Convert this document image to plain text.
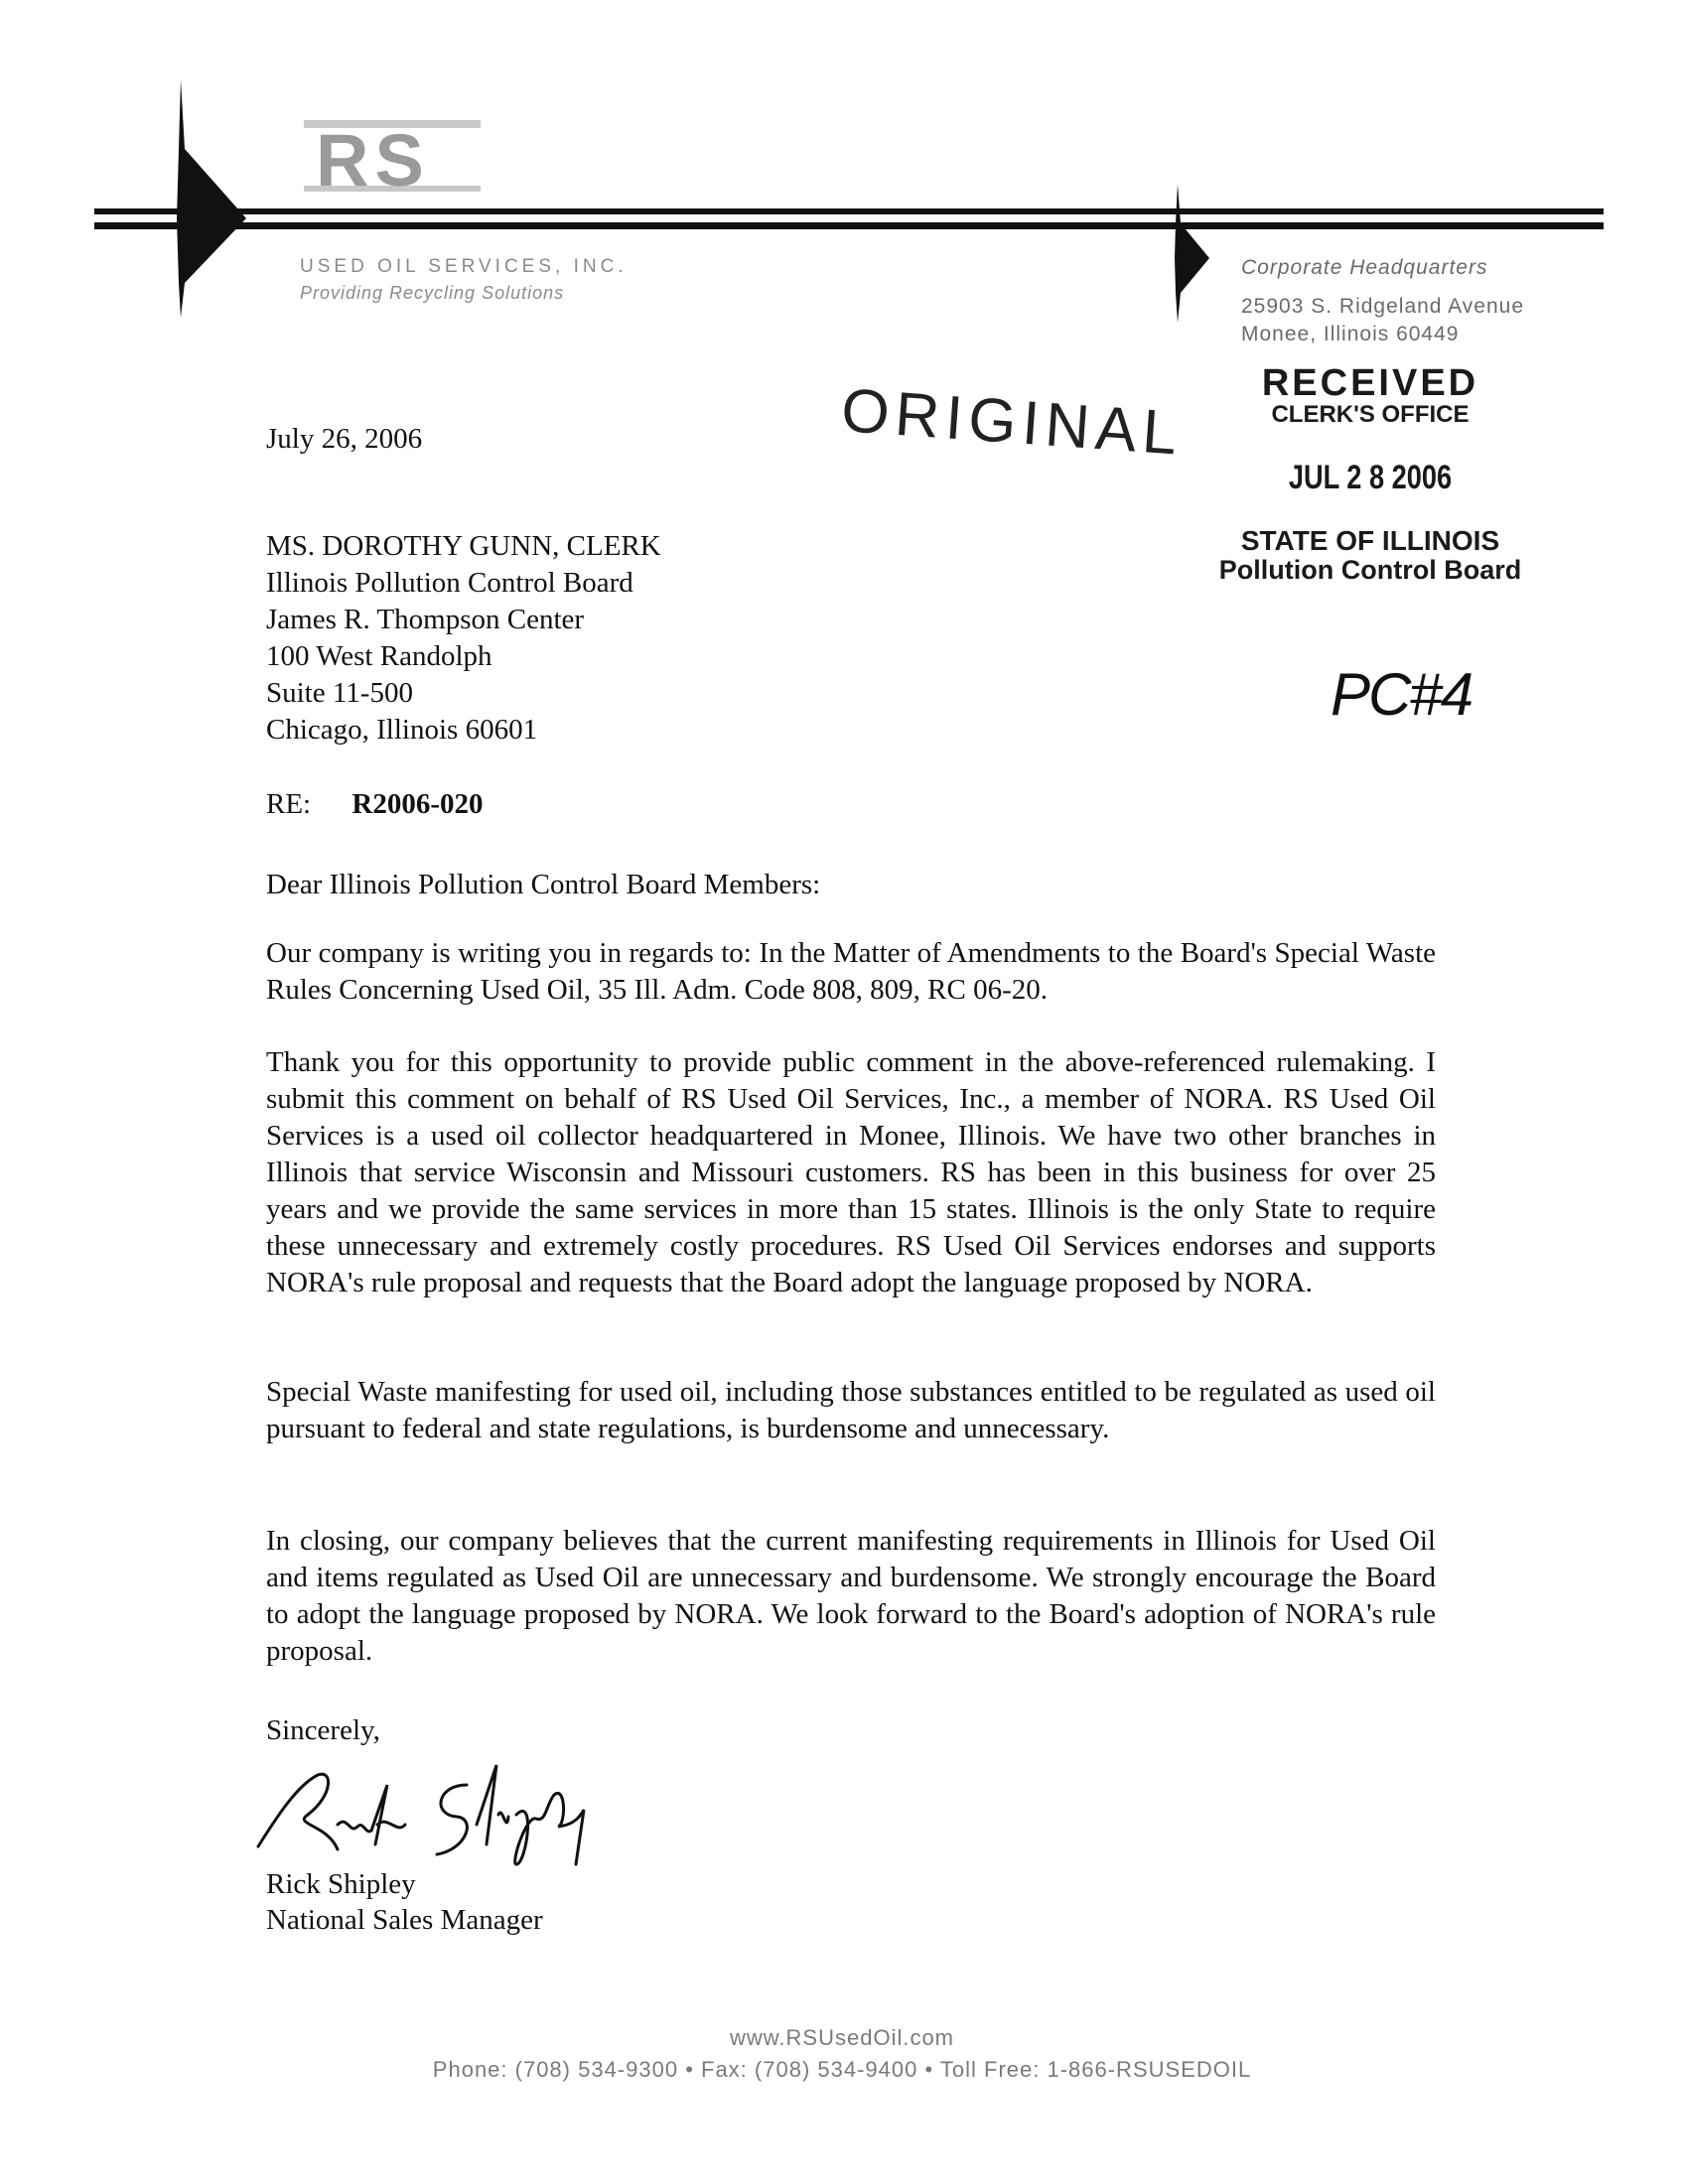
RS
USED OIL SERVICES, INC.
Providing Recycling Solutions
Corporate Headquarters
25903 S. Ridgeland Avenue
Monee, Illinois 60449
ORIGINAL	RECEIVED
CLERK'S OFFICE
JUL 2 8 2006
STATE OF ILLINOIS
Pollution Control Board
PC#4
July 26, 2006
MS. DOROTHY GUNN, CLERK
Illinois Pollution Control Board
James R. Thompson Center
100 West Randolph
Suite 11-500
Chicago, Illinois 60601
RE: R2006-020
Dear Illinois Pollution Control Board Members:
Our company is writing you in regards to: In the Matter of Amendments to the Board's Special Waste Rules Concerning Used Oil, 35 Ill. Adm. Code 808, 809, RC 06-20.
Thank you for this opportunity to provide public comment in the above-referenced rulemaking. I submit this comment on behalf of RS Used Oil Services, Inc., a member of NORA. RS Used Oil Services is a used oil collector headquartered in Monee, Illinois. We have two other branches in Illinois that service Wisconsin and Missouri customers. RS has been in this business for over 25 years and we provide the same services in more than 15 states. Illinois is the only State to require these unnecessary and extremely costly procedures. RS Used Oil Services endorses and supports NORA's rule proposal and requests that the Board adopt the language proposed by NORA.
Special Waste manifesting for used oil, including those substances entitled to be regulated as used oil pursuant to federal and state regulations, is burdensome and unnecessary.
In closing, our company believes that the current manifesting requirements in Illinois for Used Oil and items regulated as Used Oil are unnecessary and burdensome. We strongly encourage the Board to adopt the language proposed by NORA. We look forward to the Board's adoption of NORA's rule proposal.
Sincerely,
Rick Shipley
National Sales Manager
www.RSUsedOil.com
Phone: (708) 534-9300 • Fax: (708) 534-9400 • Toll Free: 1-866-RSUSEDOIL
